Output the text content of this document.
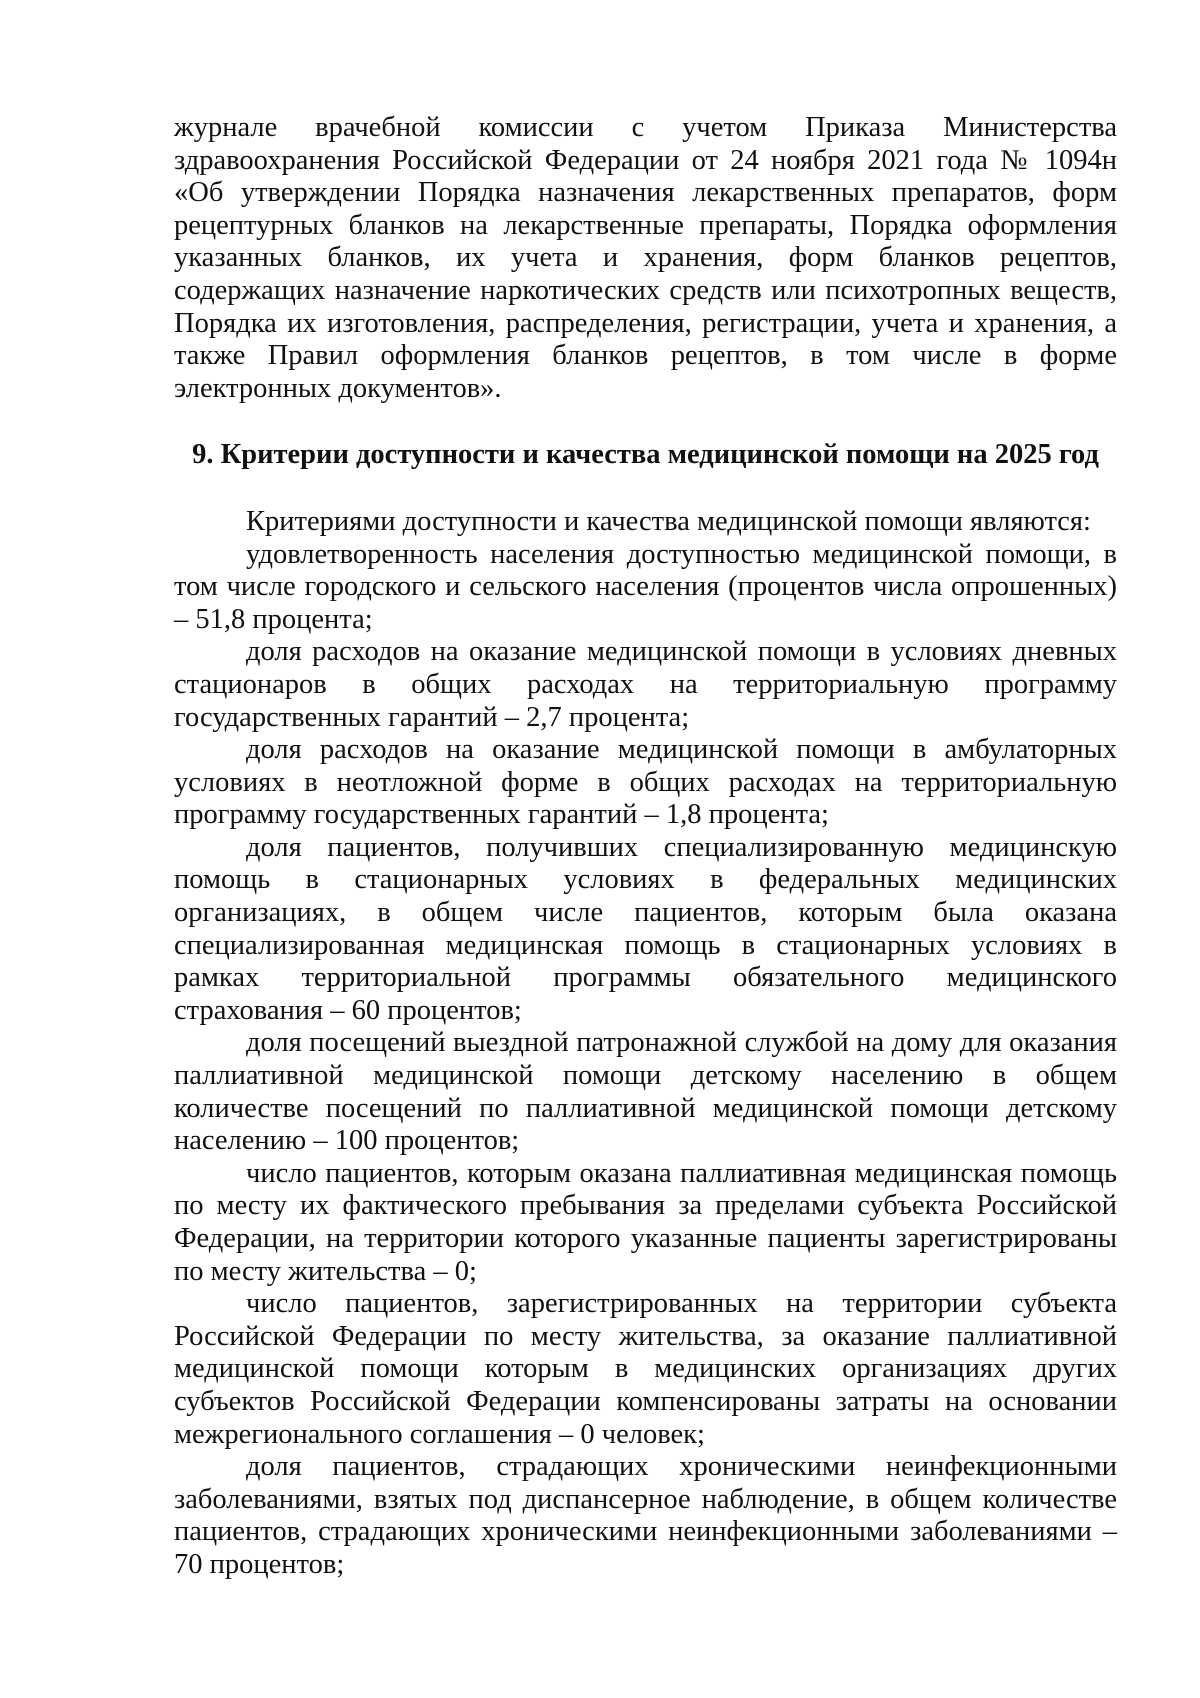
журнале врачебной комиссии с учетом Приказа Министерства здравоохранения Российской Федерации от 24 ноября 2021 года № 1094н «Об утверждении Порядка назначения лекарственных препаратов, форм рецептурных бланков на лекарственные препараты, Порядка оформления указанных бланков, их учета и хранения, форм бланков рецептов, содержащих назначение наркотических средств или психотропных веществ, Порядка их изготовления, распределения, регистрации, учета и хранения, а также Правил оформления бланков рецептов, в том числе в форме электронных документов».

9. Критерии доступности и качества медицинской помощи на 2025 год

Критериями доступности и качества медицинской помощи являются:

удовлетворенность населения доступностью медицинской помощи, в том числе городского и сельского населения (процентов числа опрошенных) – 51,8 процента;

доля расходов на оказание медицинской помощи в условиях дневных стационаров в общих расходах на территориальную программу государственных гарантий – 2,7 процента;

доля расходов на оказание медицинской помощи в амбулаторных условиях в неотложной форме в общих расходах на территориальную программу государственных гарантий – 1,8 процента;

доля пациентов, получивших специализированную медицинскую помощь в стационарных условиях в федеральных медицинских организациях, в общем числе пациентов, которым была оказана специализированная медицинская помощь в стационарных условиях в рамках территориальной программы обязательного медицинского страхования – 60 процентов;

доля посещений выездной патронажной службой на дому для оказания паллиативной медицинской помощи детскому населению в общем количестве посещений по паллиативной медицинской помощи детскому населению – 100 процентов;

число пациентов, которым оказана паллиативная медицинская помощь по месту их фактического пребывания за пределами субъекта Российской Федерации, на территории которого указанные пациенты зарегистрированы по месту жительства – 0;

число пациентов, зарегистрированных на территории субъекта Российской Федерации по месту жительства, за оказание паллиативной медицинской помощи которым в медицинских организациях других субъектов Российской Федерации компенсированы затраты на основании межрегионального соглашения – 0 человек;

доля пациентов, страдающих хроническими неинфекционными заболеваниями, взятых под диспансерное наблюдение, в общем количестве пациентов, страдающих хроническими неинфекционными заболеваниями – 70 процентов;
